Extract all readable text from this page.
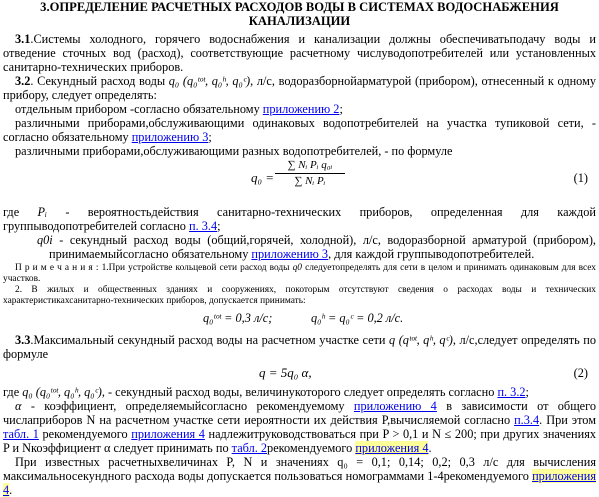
3.ОПРЕДЕЛЕНИЕ РАСЧЕТНЫХ РАСХОДОВ ВОДЫ В СИСТЕМАХ ВОДОСНАБЖЕНИЯ
КАНАЛИЗАЦИИ

3.1.Системы холодного, горячего водоснабжения и канализации должны обеспечиватьподачу воды и отведение сточных вод (расход), соответствующие расчетному числуводопотребителей или установленных санитарно-технических приборов.

3.2. Секундный расход воды q₀ (q₀ᵗᵒᵗ, q₀ʰ, q₀ᶜ), л/с, водоразборнойарматурой (прибором), отнесенный к одному прибору, следует определять:

отдельным прибором -согласно обязательному приложению 2;

различными приборами,обслуживающими одинаковых водопотребителей на участка тупиковой сети, - согласно обязательному приложению 3;

различными приборами,обслуживающими разных водопотребителей, - по формуле

q₀ =
∑ Nᵢ Pᵢ q₀ᵢ
∑ Nᵢ Pᵢ	(1)

где Pᵢ - вероятностьдействия санитарно-технических приборов, определенная для каждой группыводопотребителей согласно п. 3.4;

q0i - секундный расход воды (общий,горячей, холодной), л/с, водоразборной арматурой (прибором), принимаемыйсогласно обязательному приложению 3, для каждой группыводопотребителей.

П р и м е ч а н и я : 1.При устройстве кольцевой сети расход воды q0 следуетопределять для сети в целом и принимать одинаковым для всех участков.

2. В жилых и общественных зданиях и сооружениях, покоторым отсутствуют сведения о расходах воды и технических характеристикахсанитарно-технических приборов, допускается принимать:

q₀ᵗᵒᵗ = 0,3 л/с;	q₀ʰ = q₀ᶜ = 0,2 л/с.

3.3.Максимальный секундный расход воды на расчетном участке сети q (qᵗᵒᵗ, qʰ, qᶜ), л/с,следует определять по формуле

q = 5q₀ α,	(2)

где q₀ (q₀ᵗᵒᵗ, q₀ʰ, q₀ᶜ), - секундный расход воды, величинукоторого следует определять согласно п. 3.2;

α - коэффициент, определяемыйсогласно рекомендуемому приложению 4 в зависимости от общего числаприборов N на расчетном участке сети иероятности их действия P,вычисляемой согласно п.3.4. При этом табл. 1 рекомендуемого приложения 4 надлежитруководствоваться при P > 0,1 и N ≤ 200; при других значениях P и Nкоэффициент α следует принимать по табл. 2рекомендуемого приложения 4.

При известных расчетныхвеличинах P, N и значениях q₀ = 0,1; 0,14; 0,2; 0,3 л/с для вычисления максимальносекундного расхода воды допускается пользоваться номограммами 1-4рекомендуемого приложения 4.
